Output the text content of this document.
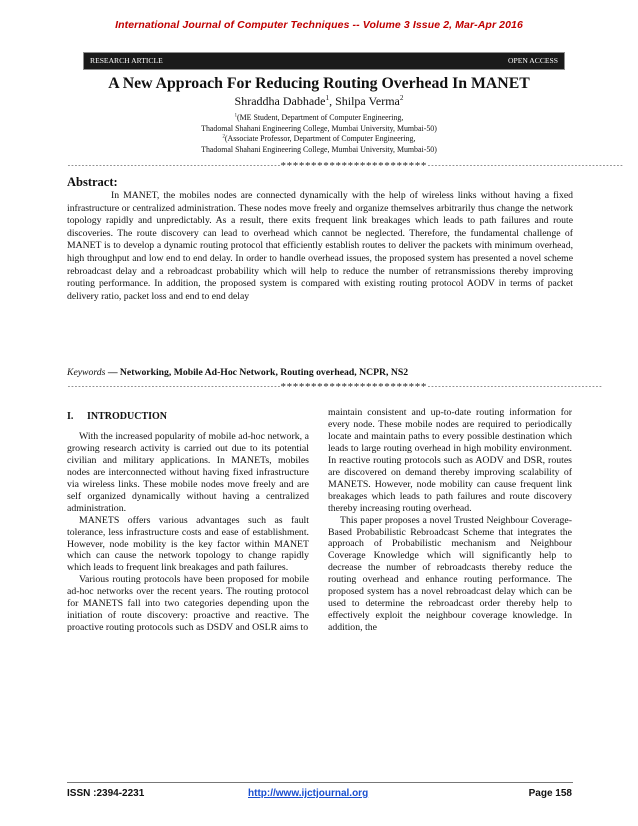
International Journal of Computer Techniques -- Volume 3 Issue 2, Mar-Apr 2016
RESEARCH ARTICLE	OPEN ACCESS
A New Approach For Reducing Routing Overhead In MANET
Shraddha Dabhade$^1$, Shilpa Verma$^2$
$^1$(ME Student, Department of Computer Engineering,
Thadomal Shahani Engineering College, Mumbai University, Mumbai-50)
$^2$(Associate Professor, Department of Computer Engineering,
Thadomal Shahani Engineering College, Mumbai University, Mumbai-50)
-------------------------------------------------------------************************--------------------------------------------------------
Abstract:

In MANET, the mobiles nodes are connected dynamically with the help of wireless links without having a fixed infrastructure or centralized administration. These nodes move freely and organize themselves arbitrarily thus change the network topology rapidly and unpredictably. As a result, there exits frequent link breakages which leads to path failures and route discoveries. The route discovery can lead to overhead which cannot be neglected. Therefore, the fundamental challenge of MANET is to develop a dynamic routing protocol that efficiently establish routes to deliver the packets with minimum overhead, high throughput and low end to end delay. In order to handle overhead issues, the proposed system has presented a novel scheme rebroadcast delay and a rebroadcast probability which will help to reduce the number of retransmissions thereby improving routing performance. In addition, the proposed system is compared with existing routing protocol AODV in terms of packet delivery ratio, packet loss and end to end delay

Keywords — Networking, Mobile Ad-Hoc Network, Routing overhead, NCPR, NS2
-------------------------------------------------------------************************--------------------------------------------------
I. INTRODUCTION

With the increased popularity of mobile ad-hoc network, a growing research activity is carried out due to its potential civilian and military applications. In MANETs, mobiles nodes are interconnected without having fixed infrastructure via wireless links. These mobile nodes move freely and are self organized dynamically without having a centralized administration.

MANETS offers various advantages such as fault tolerance, less infrastructure costs and ease of establishment. However, node mobility is the key factor within MANET which can cause the network topology to change rapidly which leads to frequent link breakages and path failures.

Various routing protocols have been proposed for mobile ad-hoc networks over the recent years. The routing protocol for MANETS fall into two categories depending upon the initiation of route discovery: proactive and reactive. The proactive routing protocols such as DSDV and OSLR aims to

maintain consistent and up-to-date routing information for every node. These mobile nodes are required to periodically locate and maintain paths to every possible destination which leads to large routing overhead in high mobility environment. In reactive routing protocols such as AODV and DSR, routes are discovered on demand thereby improving scalability of MANETS. However, node mobility can cause frequent link breakages which leads to path failures and route discovery thereby increasing routing overhead.

This paper proposes a novel Trusted Neighbour Coverage-Based Probabilistic Rebroadcast Scheme that integrates the approach of Probabilistic mechanism and Neighbour Coverage Knowledge which will significantly help to decrease the number of rebroadcasts thereby reduce the routing overhead and enhance routing performance. The proposed system has a novel rebroadcast delay which can be used to determine the rebroadcast order thereby help to effectively exploit the neighbour coverage knowledge. In addition, the

ISSN :2394-2231	http://www.ijctjournal.org	Page 158
